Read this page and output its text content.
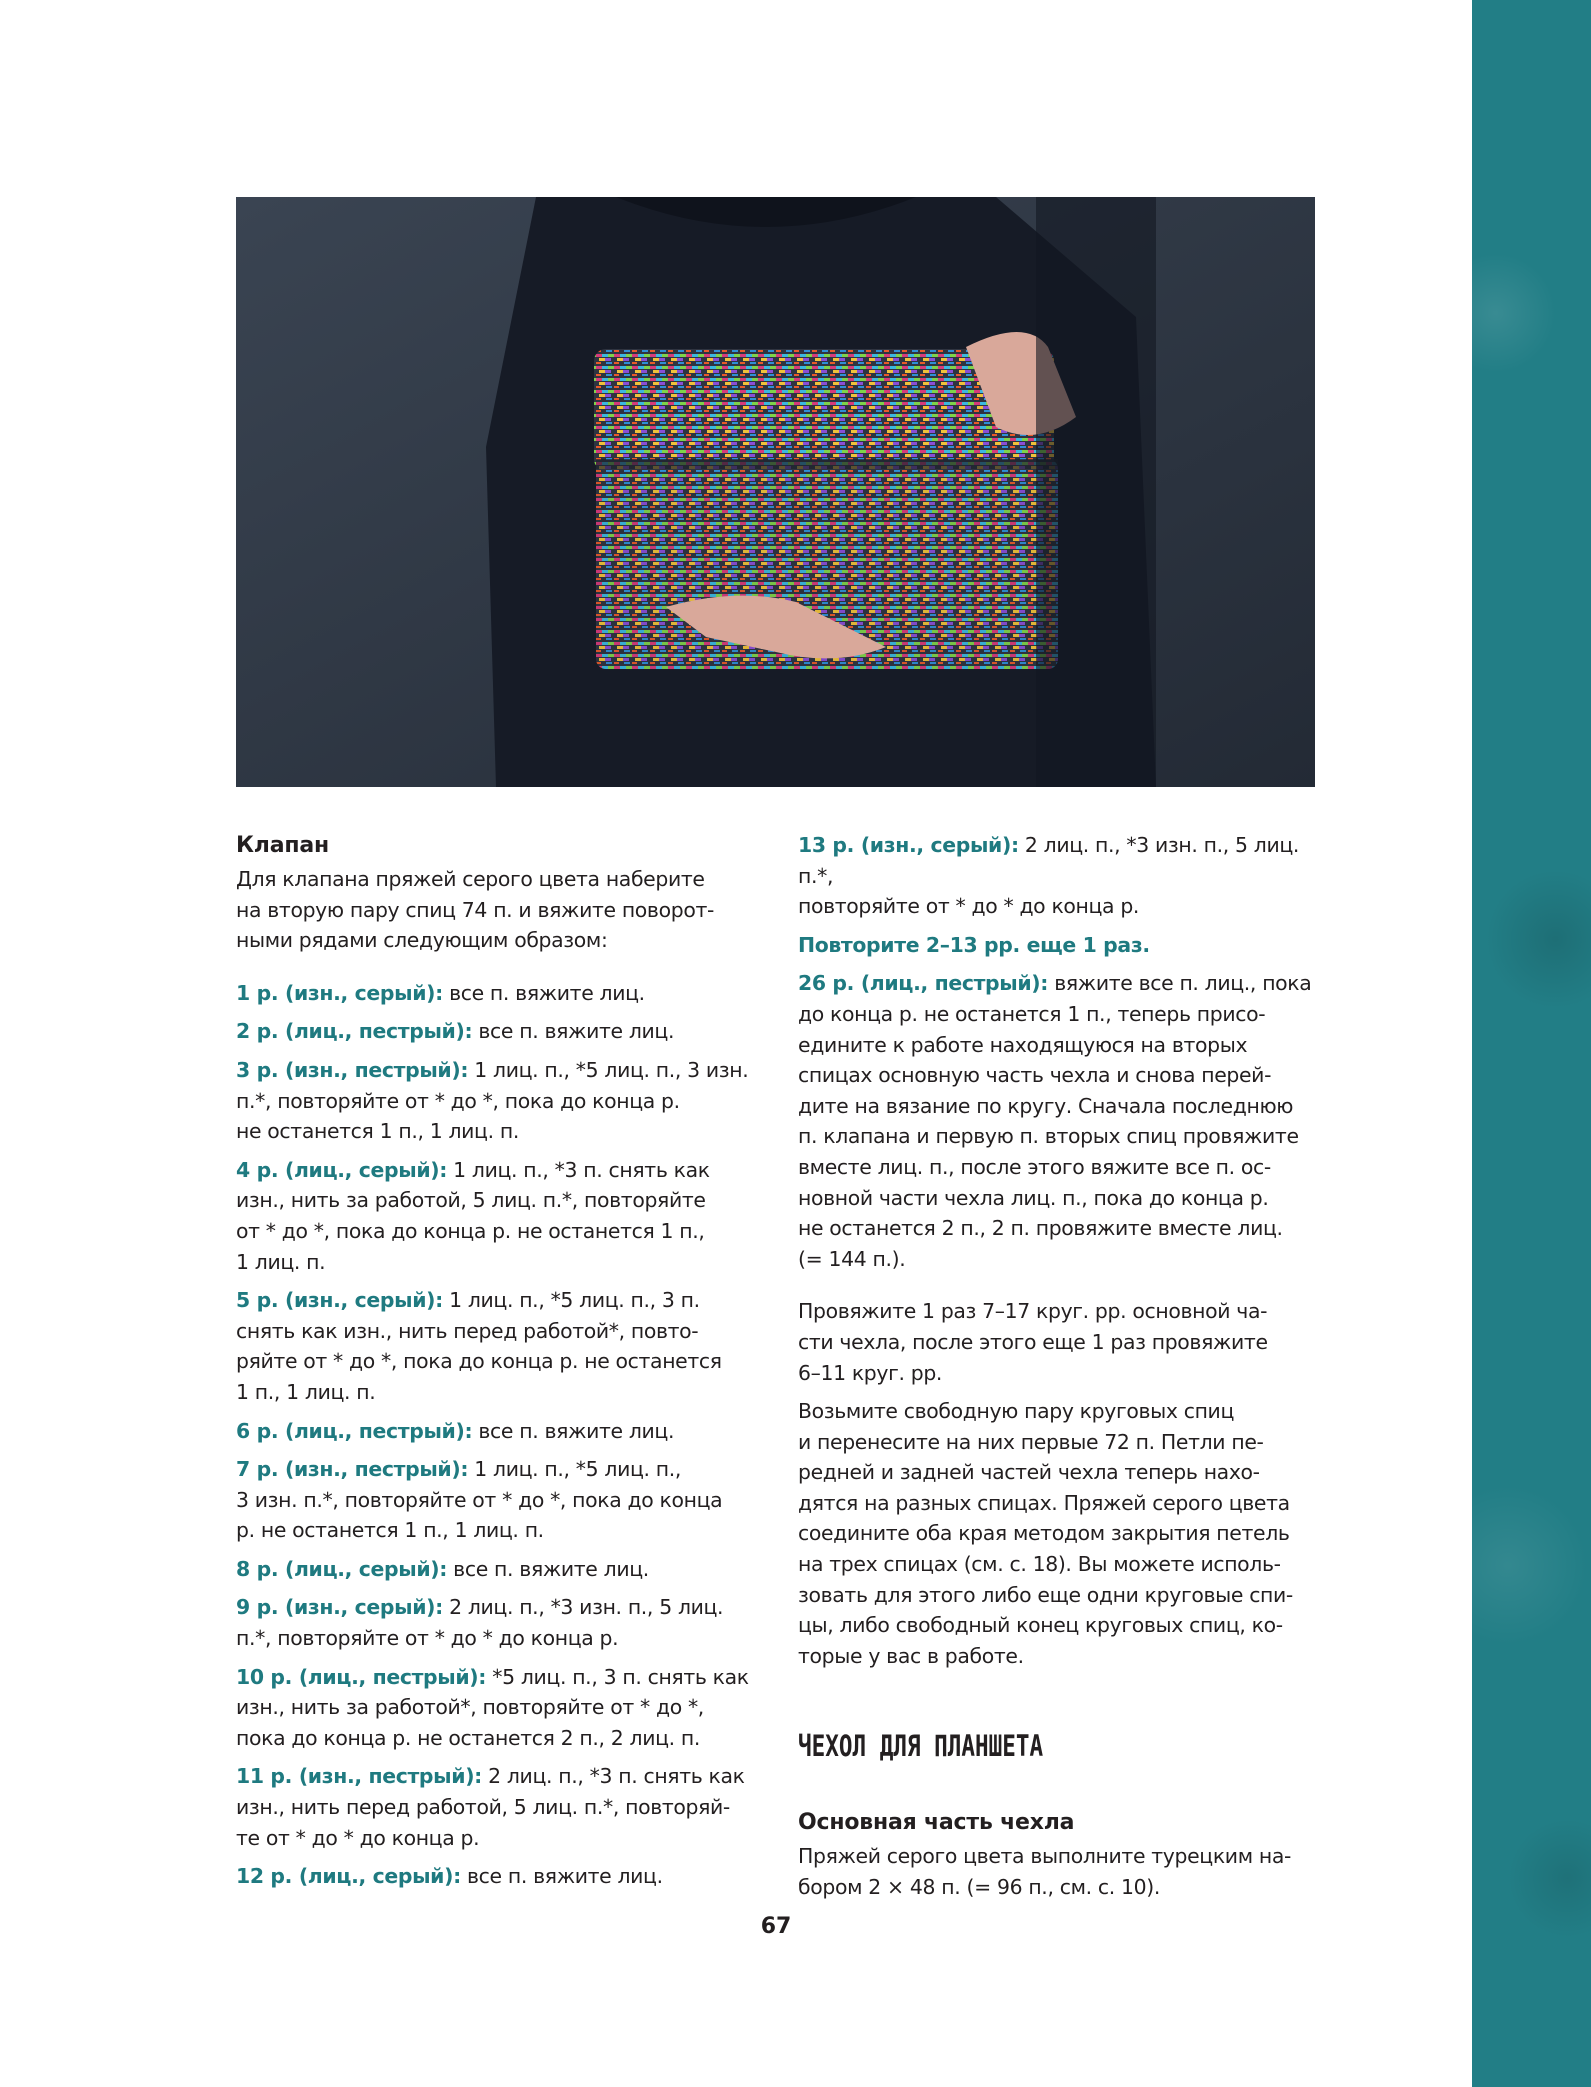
Клапан

Для клапана пряжей серого цвета наберите
на вторую пару спиц 74 п. и вяжите поворот-
ными рядами следующим образом:

1 р. (изн., серый): все п. вяжите лиц.

2 р. (лиц., пестрый): все п. вяжите лиц.

3 р. (изн., пестрый): 1 лиц. п., *5 лиц. п., 3 изн.
п.*, повторяйте от * до *, пока до конца р.
не останется 1 п., 1 лиц. п.

4 р. (лиц., серый): 1 лиц. п., *3 п. снять как
изн., нить за работой, 5 лиц. п.*, повторяйте
от * до *, пока до конца р. не останется 1 п.,
1 лиц. п.

5 р. (изн., серый): 1 лиц. п., *5 лиц. п., 3 п.
снять как изн., нить перед работой*, повто-
ряйте от * до *, пока до конца р. не останется
1 п., 1 лиц. п.

6 р. (лиц., пестрый): все п. вяжите лиц.

7 р. (изн., пестрый): 1 лиц. п., *5 лиц. п.,
3 изн. п.*, повторяйте от * до *, пока до конца
р. не останется 1 п., 1 лиц. п.

8 р. (лиц., серый): все п. вяжите лиц.

9 р. (изн., серый): 2 лиц. п., *3 изн. п., 5 лиц.
п.*, повторяйте от * до * до конца р.

10 р. (лиц., пестрый): *5 лиц. п., 3 п. снять как
изн., нить за работой*, повторяйте от * до *,
пока до конца р. не останется 2 п., 2 лиц. п.

11 р. (изн., пестрый): 2 лиц. п., *3 п. снять как
изн., нить перед работой, 5 лиц. п.*, повторяй-
те от * до * до конца р.

12 р. (лиц., серый): все п. вяжите лиц.

13 р. (изн., серый): 2 лиц. п., *3 изн. п., 5 лиц. п.*,
повторяйте от * до * до конца р.

Повторите 2–13 рр. еще 1 раз.

26 р. (лиц., пестрый): вяжите все п. лиц., пока
до конца р. не останется 1 п., теперь присо-
едините к работе находящуюся на вторых
спицах основную часть чехла и снова перей-
дите на вязание по кругу. Сначала последнюю
п. клапана и первую п. вторых спиц провяжите
вместе лиц. п., после этого вяжите все п. ос-
новной части чехла лиц. п., пока до конца р.
не останется 2 п., 2 п. провяжите вместе лиц.
(= 144 п.).

Провяжите 1 раз 7–17 круг. рр. основной ча-
сти чехла, после этого еще 1 раз провяжите
6–11 круг. рр.

Возьмите свободную пару круговых спиц
и перенесите на них первые 72 п. Петли пе-
редней и задней частей чехла теперь нахо-
дятся на разных спицах. Пряжей серого цвета
соедините оба края методом закрытия петель
на трех спицах (см. с. 18). Вы можете исполь-
зовать для этого либо еще одни круговые спи-
цы, либо свободный конец круговых спиц, ко-
торые у вас в работе.

ЧЕХОЛ ДЛЯ ПЛАНШЕТА
Основная часть чехла

Пряжей серого цвета выполните турецким на-
бором 2 × 48 п. (= 96 п., см. с. 10).

67
